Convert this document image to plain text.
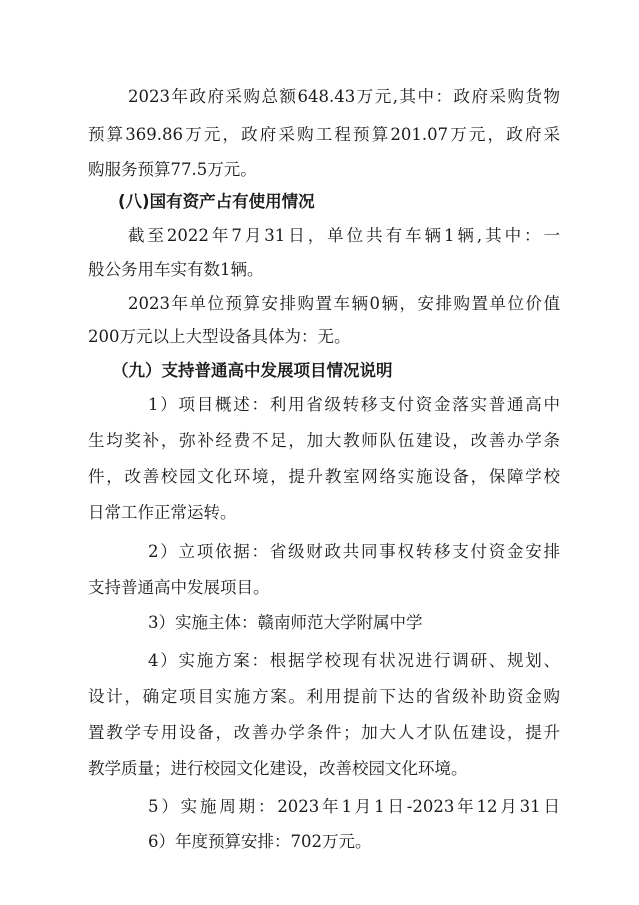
2023年政府采购总额648.43万元,其中：政府采购货物
预算369.86万元，政府采购工程预算201.07万元，政府采
购服务预算77.5万元。
(八)国有资产占有使用情况
截至2022年7月31日，单位共有车辆1辆,其中：一
般公务用车实有数1辆。
2023年单位预算安排购置车辆0辆，安排购置单位价值
200万元以上大型设备具体为：无。
（九）支持普通高中发展项目情况说明
1）项目概述：利用省级转移支付资金落实普通高中
生均奖补，弥补经费不足，加大教师队伍建设，改善办学条
件，改善校园文化环境，提升教室网络实施设备，保障学校
日常工作正常运转。
2）立项依据：省级财政共同事权转移支付资金安排
支持普通高中发展项目。
3）实施主体：赣南师范大学附属中学
4）实施方案：根据学校现有状况进行调研、规划、
设计，确定项目实施方案。利用提前下达的省级补助资金购
置教学专用设备，改善办学条件；加大人才队伍建设，提升
教学质量；进行校园文化建设，改善校园文化环境。
5）实施周期：2023年1月1日-2023年12月31日
6）年度预算安排：702万元。
